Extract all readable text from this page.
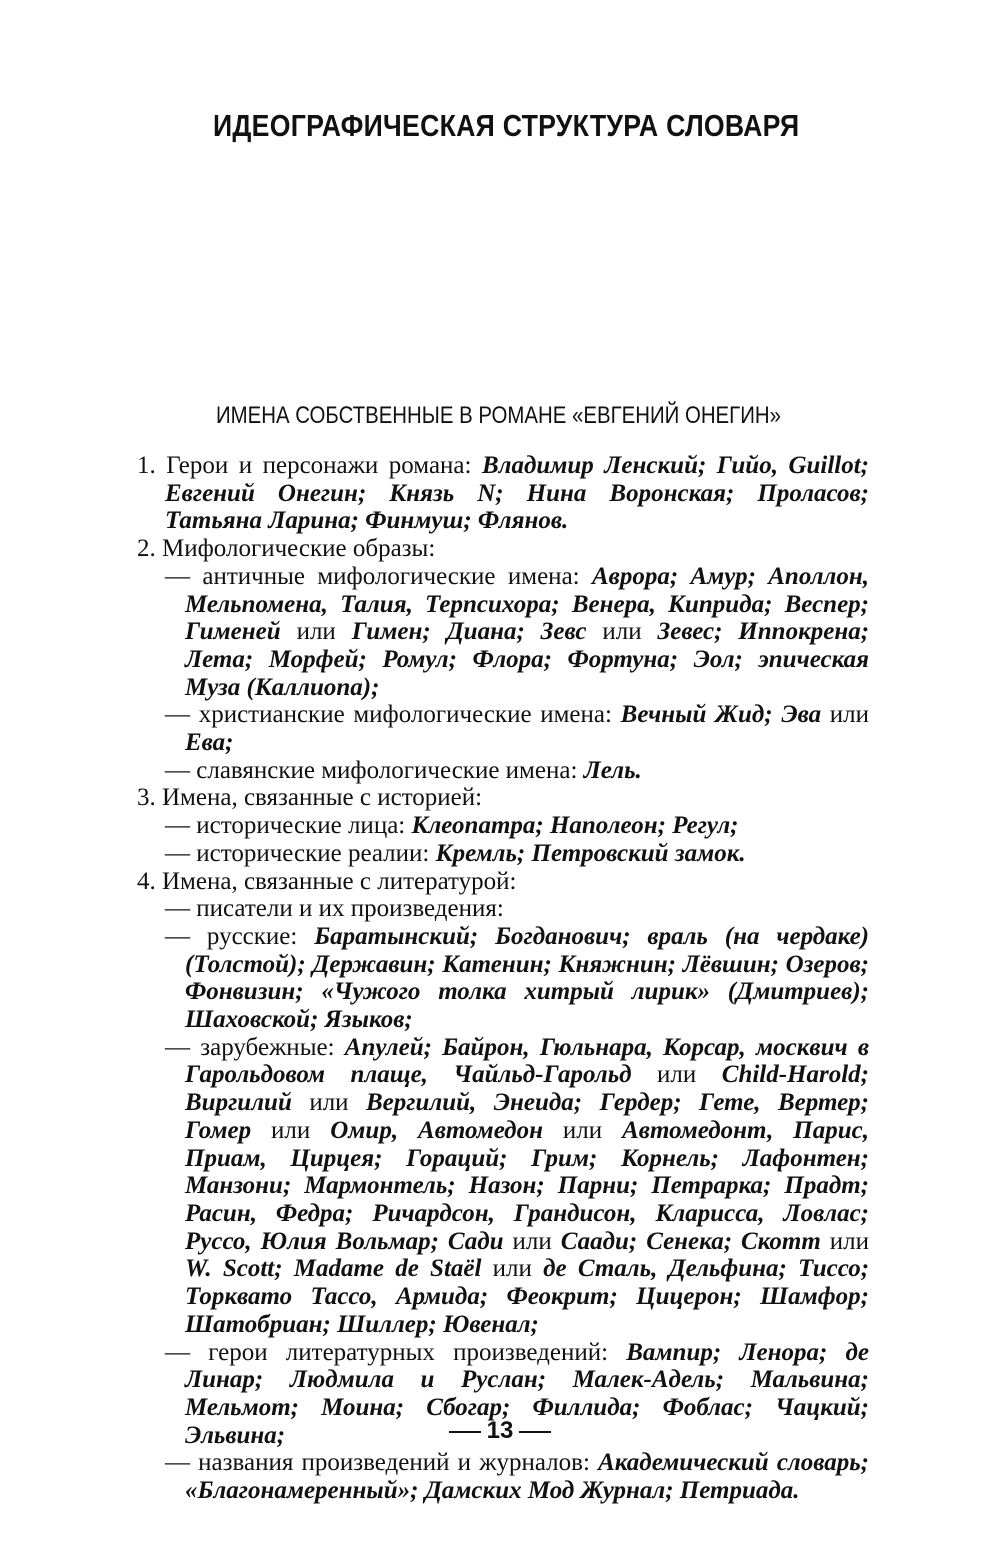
ИДЕОГРАФИЧЕСКАЯ СТРУКТУРА СЛОВАРЯ
ИМЕНА СОБСТВЕННЫЕ В РОМАНЕ «ЕВГЕНИЙ ОНЕГИН»
1. Герои и персонажи романа: Владимир Ленский; Гийо, Guillot; Евгений Онегин; Князь N; Нина Воронская; Проласов; Татьяна Ларина; Финмуш; Флянов.
2. Мифологические образы:
— античные мифологические имена: Аврора; Амур; Аполлон, Мельпомена, Талия, Терпсихора; Венера, Киприда; Веспер; Гименей или Гимен; Диана; Зевс или Зевес; Иппокрена; Лета; Морфей; Ромул; Флора; Фортуна; Эол; эпическая Муза (Каллиопа);
— христианские мифологические имена: Вечный Жид; Эва или Ева;
— славянские мифологические имена: Лель.
3. Имена, связанные с историей:
— исторические лица: Клеопатра; Наполеон; Регул;
— исторические реалии: Кремль; Петровский замок.
4. Имена, связанные с литературой:
— писатели и их произведения:
— русские: Баратынский; Богданович; враль (на чердаке) (Толстой); Державин; Катенин; Княжнин; Лёвшин; Озеров; Фонвизин; «Чужого толка хитрый лирик» (Дмитриев); Шаховской; Языков;
— зарубежные: Апулей; Байрон, Гюльнара, Корсар, москвич в Гарольдовом плаще, Чайльд-Гарольд или Child-Harold; Виргилий или Вергилий, Энеида; Гердер; Гете, Вертер; Гомер или Омир, Автомедон или Автомедонт, Парис, Приам, Цирцея; Гораций; Грим; Корнель; Лафонтен; Манзони; Мармонтель; Назон; Парни; Петрарка; Прадт; Расин, Федра; Ричардсон, Грандисон, Кларисса, Ловлас; Руссо, Юлия Вольмар; Сади или Саади; Сенека; Скотт или W. Scott; Madame de Staël или де Сталь, Дельфина; Тиссо; Торквато Тассо, Армида; Феокрит; Цицерон; Шамфор; Шатобриан; Шиллер; Ювенал;
— герои литературных произведений: Вампир; Ленора; де Линар; Людмила и Руслан; Малек-Адель; Мальвина; Мельмот; Моина; Сбогар; Филлида; Фоблас; Чацкий; Эльвина;
— названия произведений и журналов: Академический словарь; «Благонамеренный»; Дамских Мод Журнал; Петриада.
13
